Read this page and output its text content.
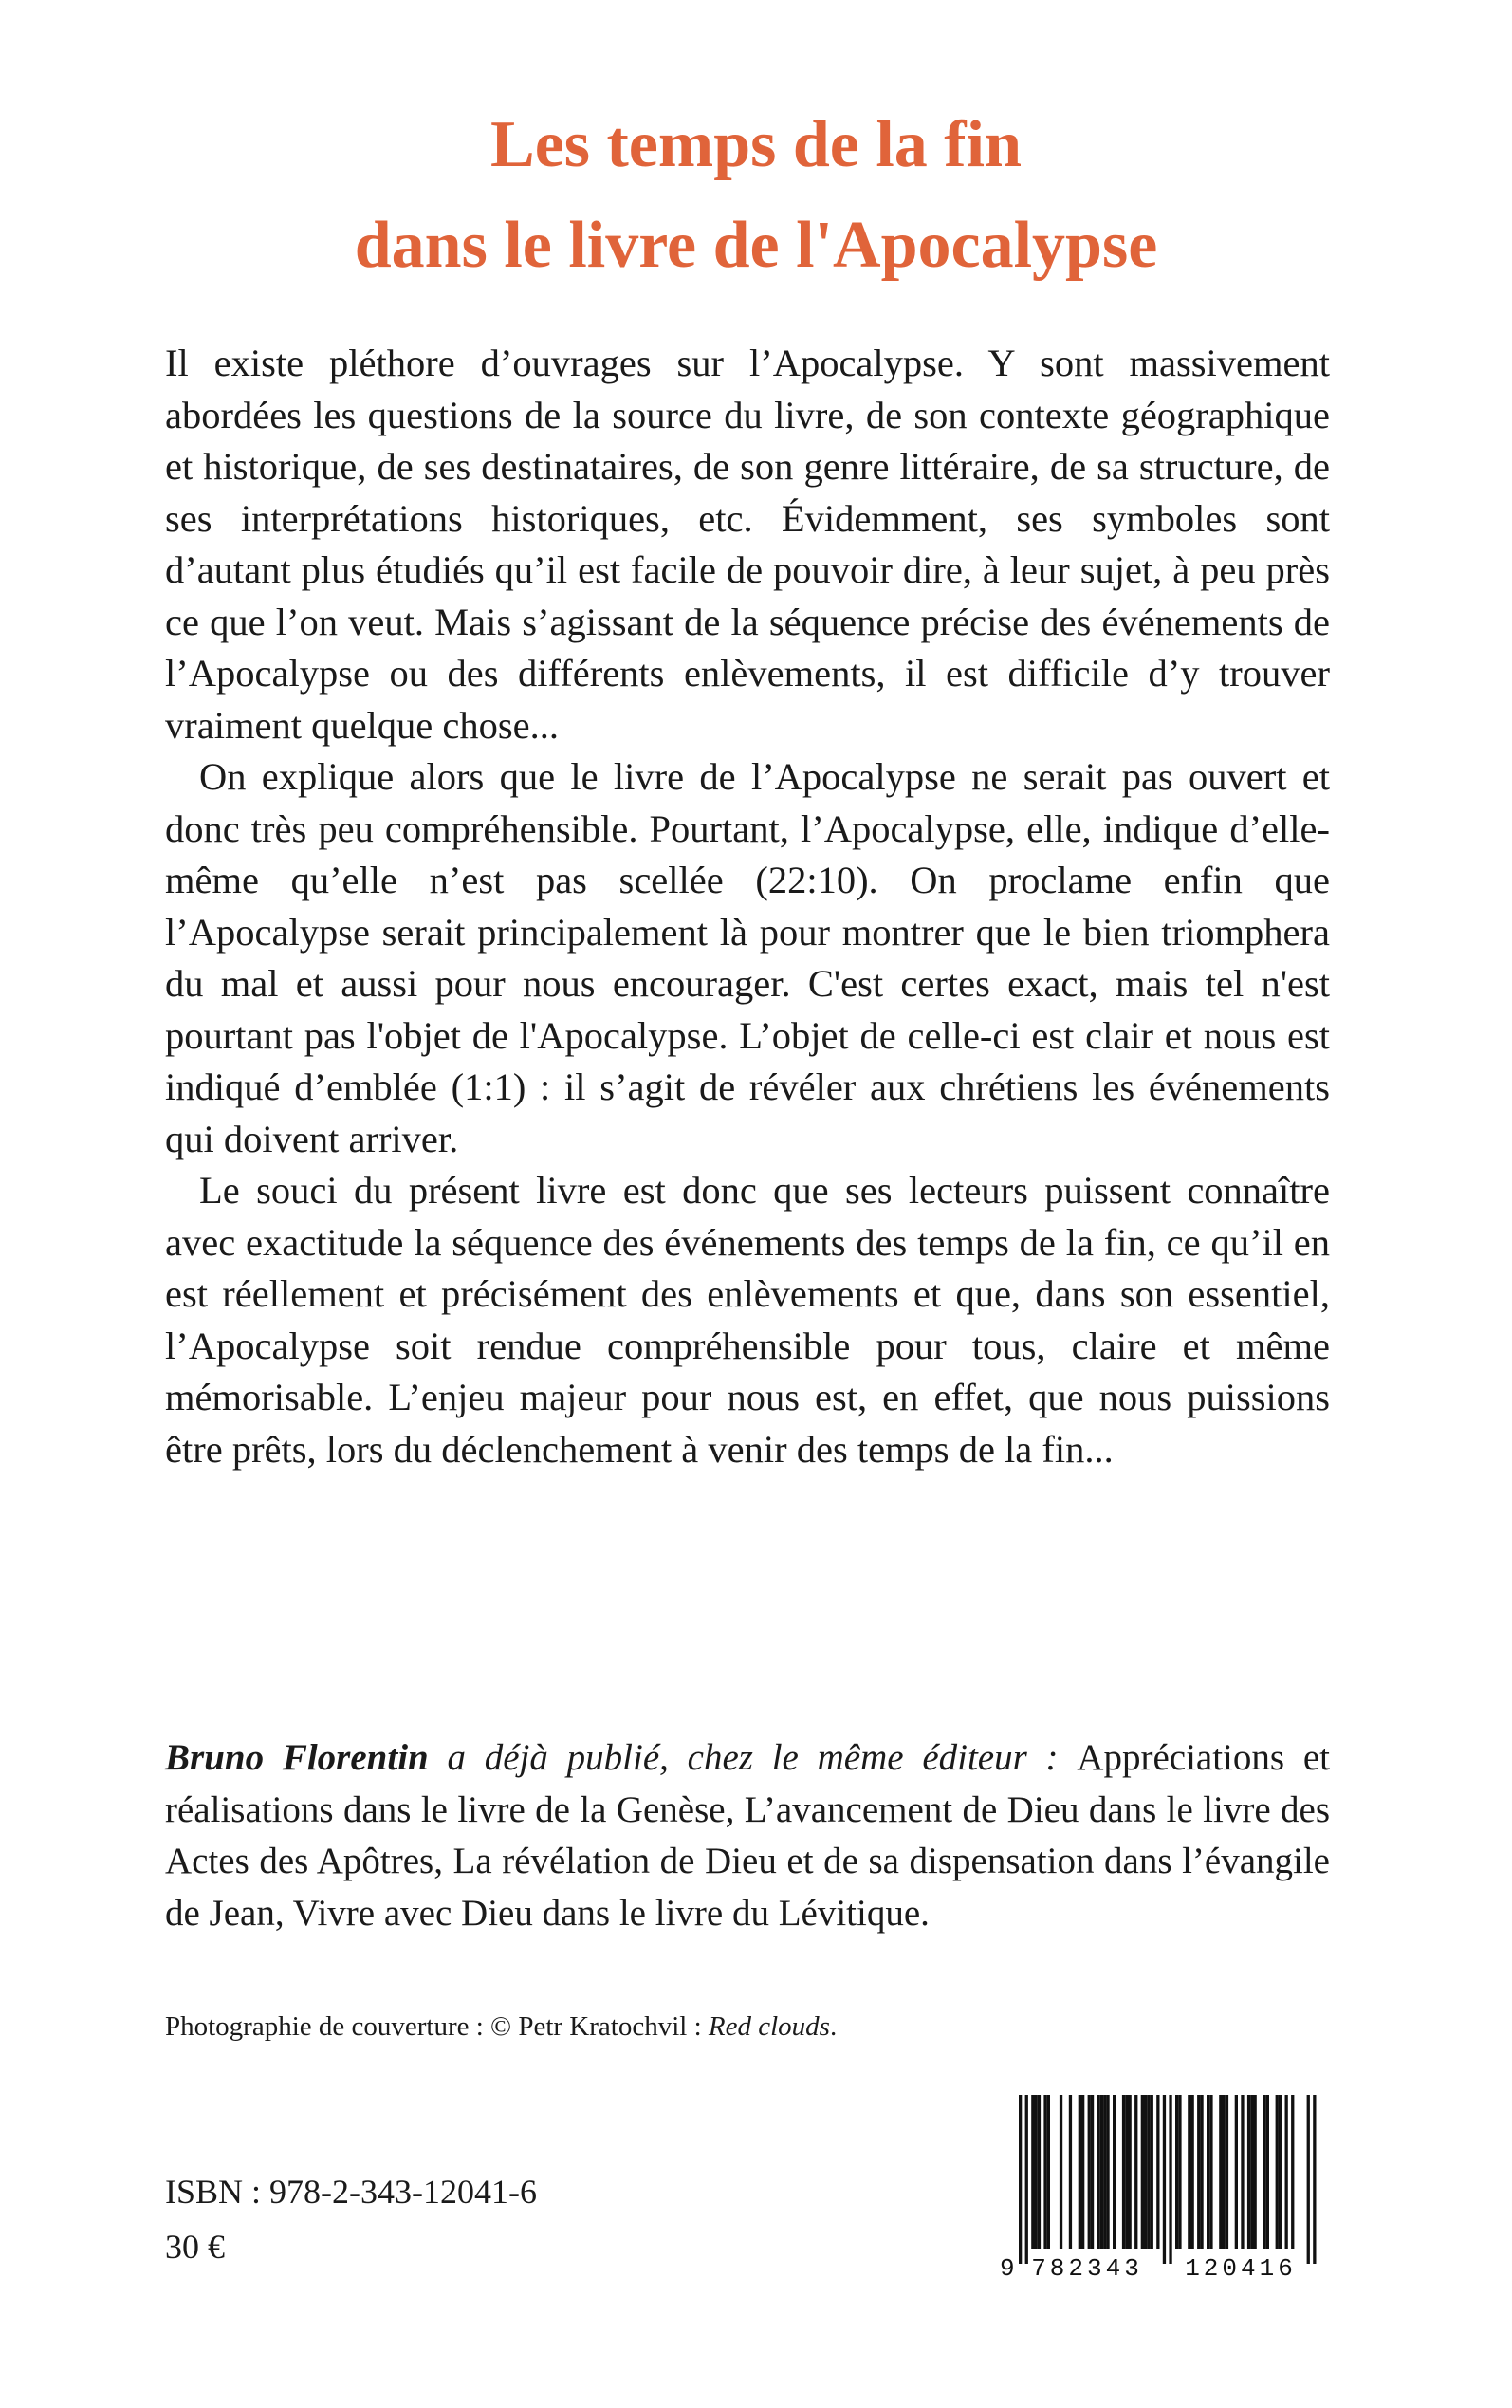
Les temps de la fin
dans le livre de l'Apocalypse

Il existe pléthore d’ouvrages sur l’Apocalypse. Y sont massivement abordées les questions de la source du livre, de son contexte géographique et historique, de ses destinataires, de son genre littéraire, de sa structure, de ses interprétations historiques, etc. Évidemment, ses symboles sont d’autant plus étudiés qu’il est facile de pouvoir dire, à leur sujet, à peu près ce que l’on veut. Mais s’agissant de la séquence précise des événements de l’Apocalypse ou des différents enlèvements, il est difficile d’y trouver vraiment quelque chose...

On explique alors que le livre de l’Apocalypse ne serait pas ouvert et donc très peu compréhensible. Pourtant, l’Apocalypse, elle, indique d’elle-même qu’elle n’est pas scellée (22:10). On proclame enfin que l’Apocalypse serait principalement là pour montrer que le bien triomphera du mal et aussi pour nous encourager. C'est certes exact, mais tel n'est pourtant pas l'objet de l'Apocalypse. L’objet de celle-ci est clair et nous est indiqué d’emblée (1:1) : il s’agit de révéler aux chrétiens les événements qui doivent arriver.

Le souci du présent livre est donc que ses lecteurs puissent connaître avec exactitude la séquence des événements des temps de la fin, ce qu’il en est réellement et précisément des enlèvements et que, dans son essentiel, l’Apocalypse soit rendue compréhensible pour tous, claire et même mémorisable. L’enjeu majeur pour nous est, en effet, que nous puissions être prêts, lors du déclenchement à venir des temps de la fin...

Bruno Florentin a déjà publié, chez le même éditeur : Appréciations et réalisations dans le livre de la Genèse, L’avancement de Dieu dans le livre des Actes des Apôtres, La révélation de Dieu et de sa dispensation dans l’évangile de Jean, Vivre avec Dieu dans le livre du Lévitique.

Photographie de couverture : © Petr Kratochvil : Red clouds.
ISBN : 978-2-343-12041-6
30 €
9 782343 120416
